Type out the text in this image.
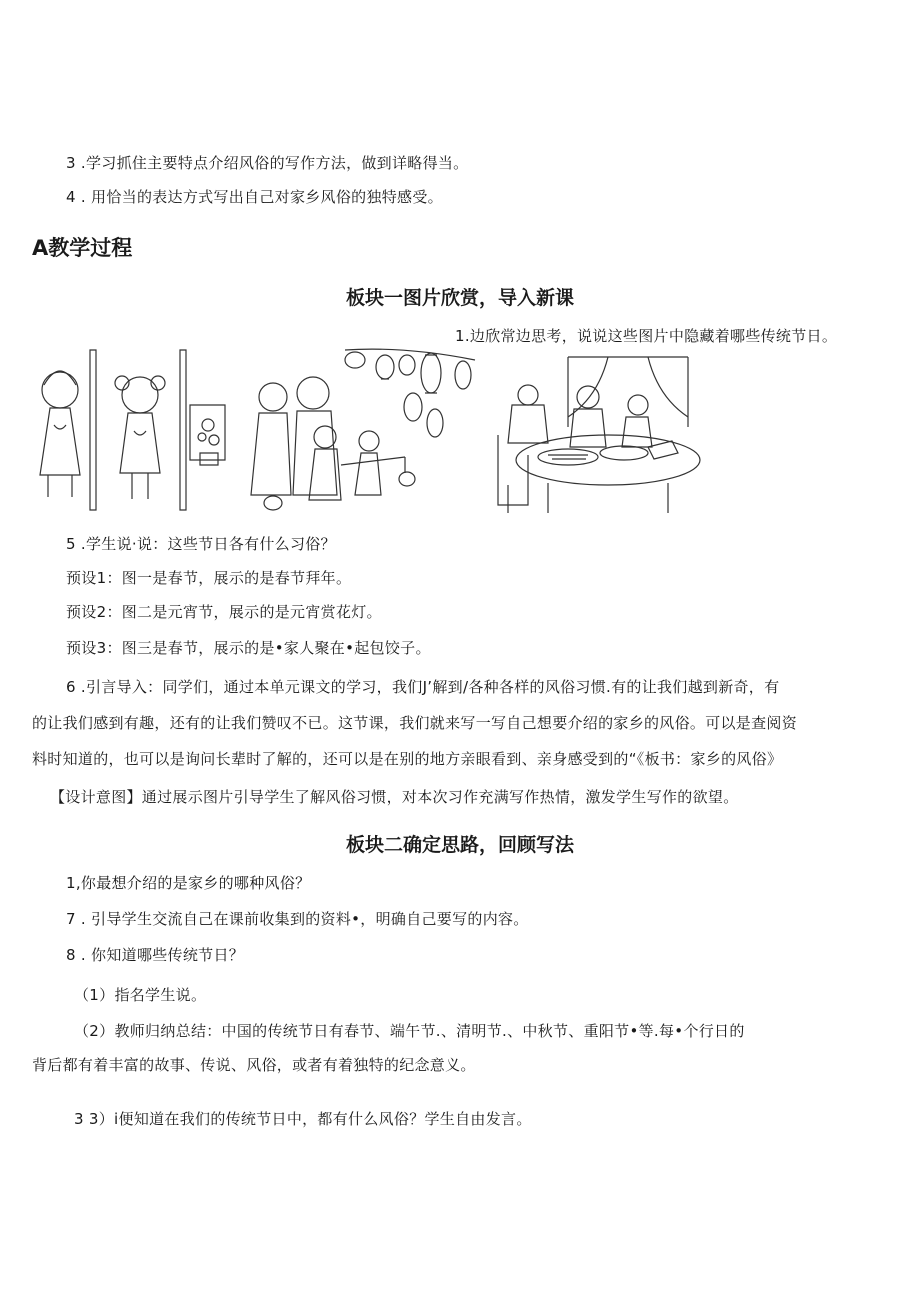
3 .学习抓住主要特点介绍风俗的写作方法，做到详略得当。
4 . 用恰当的表达方式写出自己对家乡风俗的独特感受。
A教学过程
板块一图片欣赏，导入新课
1.边欣常边思考，说说这些图片中隐藏着哪些传统节日。
5 .学生说·说：这些节日各有什么习俗？
预设1：图一是春节，展示的是春节拜年。
预设2：图二是元宵节，展示的是元宵赏花灯。
预设3：图三是春节，展示的是•家人聚在•起包饺子。
6 .引言导入：同学们，通过本单元课文的学习，我们J’解到/各种各样的风俗习惯.有的让我们越到新奇，有
的让我们感到有趣，还有的让我们赞叹不已。这节课，我们就来写一写自己想要介绍的家乡的风俗。可以是查阅资
料时知道的，也可以是询问长辈时了解的，还可以是在别的地方亲眼看到、亲身感受到的“《板书：家乡的风俗》
【设计意图】通过展示图片引导学生了解风俗习惯，对本次习作充满写作热情，激发学生写作的欲望。
板块二确定思路，回顾写法
1,你最想介绍的是家乡的哪种风俗？
7 . 引导学生交流自己在课前收集到的资料•，明确自己要写的内容。
8 . 你知道哪些传统节日？
（1）指名学生说。
（2）教师归纳总结：中国的传统节日有春节、端午节.、清明节.、中秋节、重阳节•等.每•个行日的
背后都有着丰富的故事、传说、风俗，或者有着独特的纪念意义。
3 3）i便知道在我们的传统节日中，都有什么风俗？学生自由发言。
